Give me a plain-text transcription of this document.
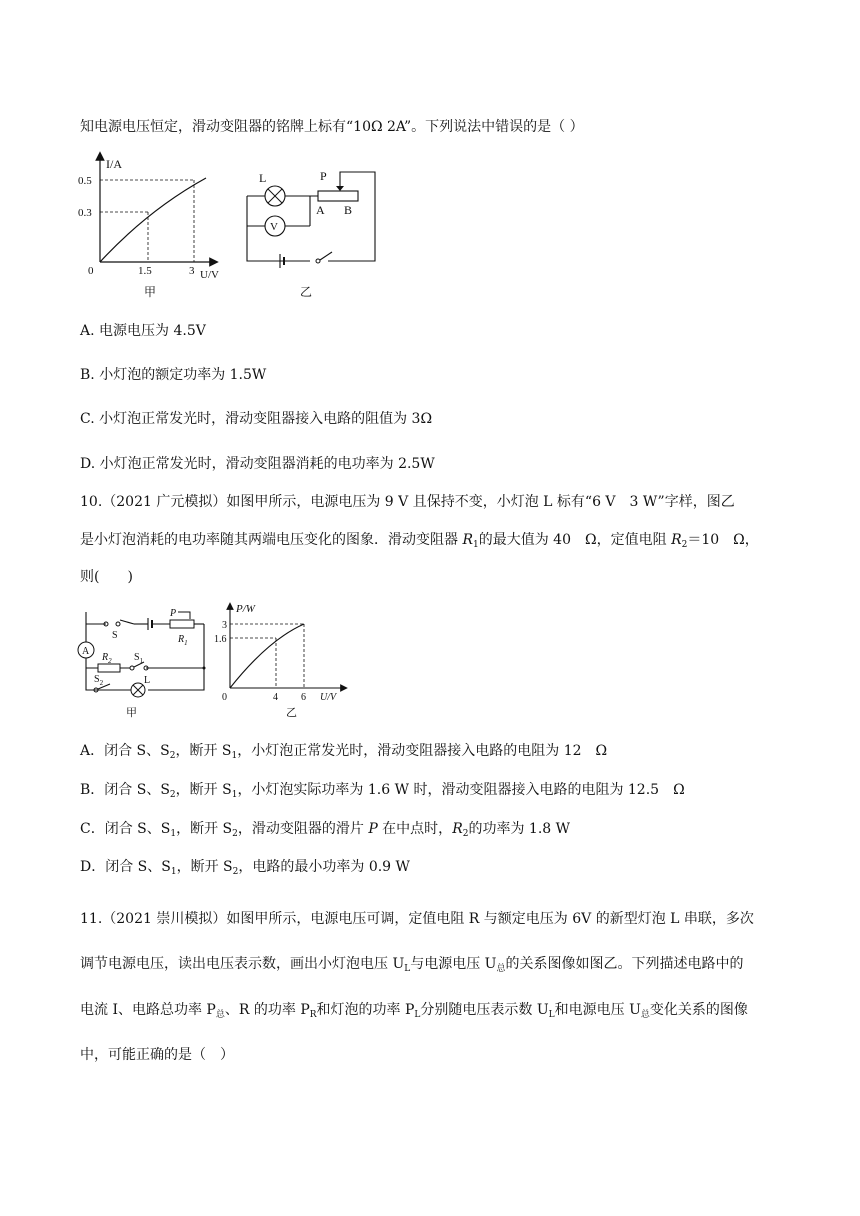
知电源电压恒定，滑动变阻器的铭牌上标有“10Ω 2A”。下列说法中错误的是（ ）
I/A
0.5
0.3
0	1.5	3 U/V
甲
L
V
P
A B
乙
A. 电源电压为 4.5V
B. 小灯泡的额定功率为 1.5W
C. 小灯泡正常发光时，滑动变阻器接入电路的阻值为 3Ω
D. 小灯泡正常发光时，滑动变阻器消耗的电功率为 2.5W
10.（2021 广元模拟）如图甲所示，电源电压为 9 V 且保持不变，小灯泡 L 标有“6 V　3 W”字样，图乙
是小灯泡消耗的电功率随其两端电压变化的图象．滑动变阻器 $R_1$的最大值为 40　Ω，定值电阻 $R_2=10$　Ω，
则(　　)
P
$R_1$
S
A
$R_2$ $S_1$
$S_2$	L
甲
P/W
3
1.6
0	4 6 U/V
乙
A．闭合 S、$S_2$，断开 $S_1$，小灯泡正常发光时，滑动变阻器接入电路的电阻为 12　Ω
B．闭合 S、$S_2$，断开 $S_1$，小灯泡实际功率为 1.6 W 时，滑动变阻器接入电路的电阻为 12.5　Ω
C．闭合 S、$S_1$，断开 $S_2$，滑动变阻器的滑片 P 在中点时，$R_2$的功率为 1.8 W
D．闭合 S、$S_1$，断开 $S_2$，电路的最小功率为 0.9 W
11.（2021 崇川模拟）如图甲所示，电源电压可调，定值电阻 R 与额定电压为 6V 的新型灯泡 L 串联，多次
调节电源电压，读出电压表示数，画出小灯泡电压 $U_L$与电源电压 $U_总$的关系图像如图乙。下列描述电路中的
电流 I、电路总功率 $P_总$、R 的功率 $P_R$和灯泡的功率 $P_L$分别随电压表示数 $U_L$和电源电压 $U_总$变化关系的图像
中，可能正确的是（　）
